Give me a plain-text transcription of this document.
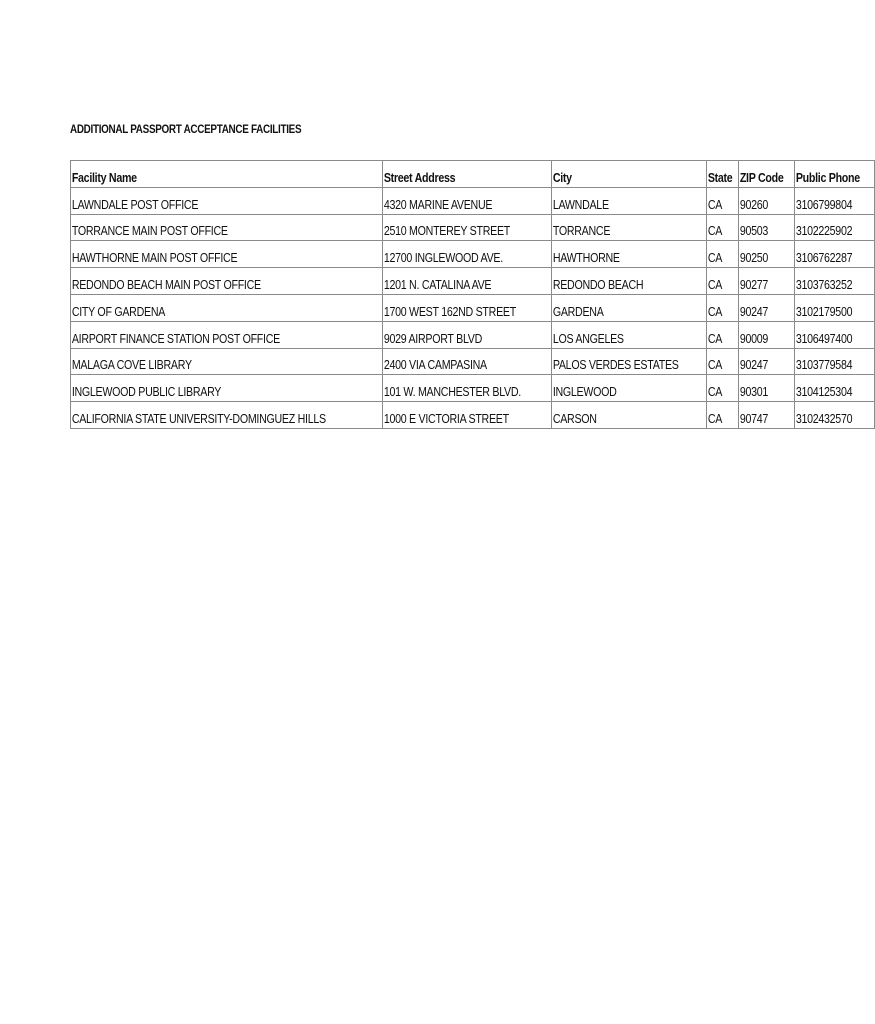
ADDITIONAL PASSPORT ACCEPTANCE FACILITIES
Facility Name	Street Address	City	State	ZIP Code	Public Phone
LAWNDALE POST OFFICE	4320 MARINE AVENUE	LAWNDALE	CA	90260	3106799804
TORRANCE MAIN POST OFFICE	2510 MONTEREY STREET	TORRANCE	CA	90503	3102225902
HAWTHORNE MAIN POST OFFICE	12700 INGLEWOOD AVE.	HAWTHORNE	CA	90250	3106762287
REDONDO BEACH MAIN POST OFFICE	1201 N. CATALINA AVE	REDONDO BEACH	CA	90277	3103763252
CITY OF GARDENA	1700 WEST 162ND STREET	GARDENA	CA	90247	3102179500
AIRPORT FINANCE STATION POST OFFICE	9029 AIRPORT BLVD	LOS ANGELES	CA	90009	3106497400
MALAGA COVE LIBRARY	2400 VIA CAMPASINA	PALOS VERDES ESTATES	CA	90247	3103779584
INGLEWOOD PUBLIC LIBRARY	101 W. MANCHESTER BLVD.	INGLEWOOD	CA	90301	3104125304
CALIFORNIA STATE UNIVERSITY-DOMINGUEZ HILLS	1000 E VICTORIA STREET	CARSON	CA	90747	3102432570
